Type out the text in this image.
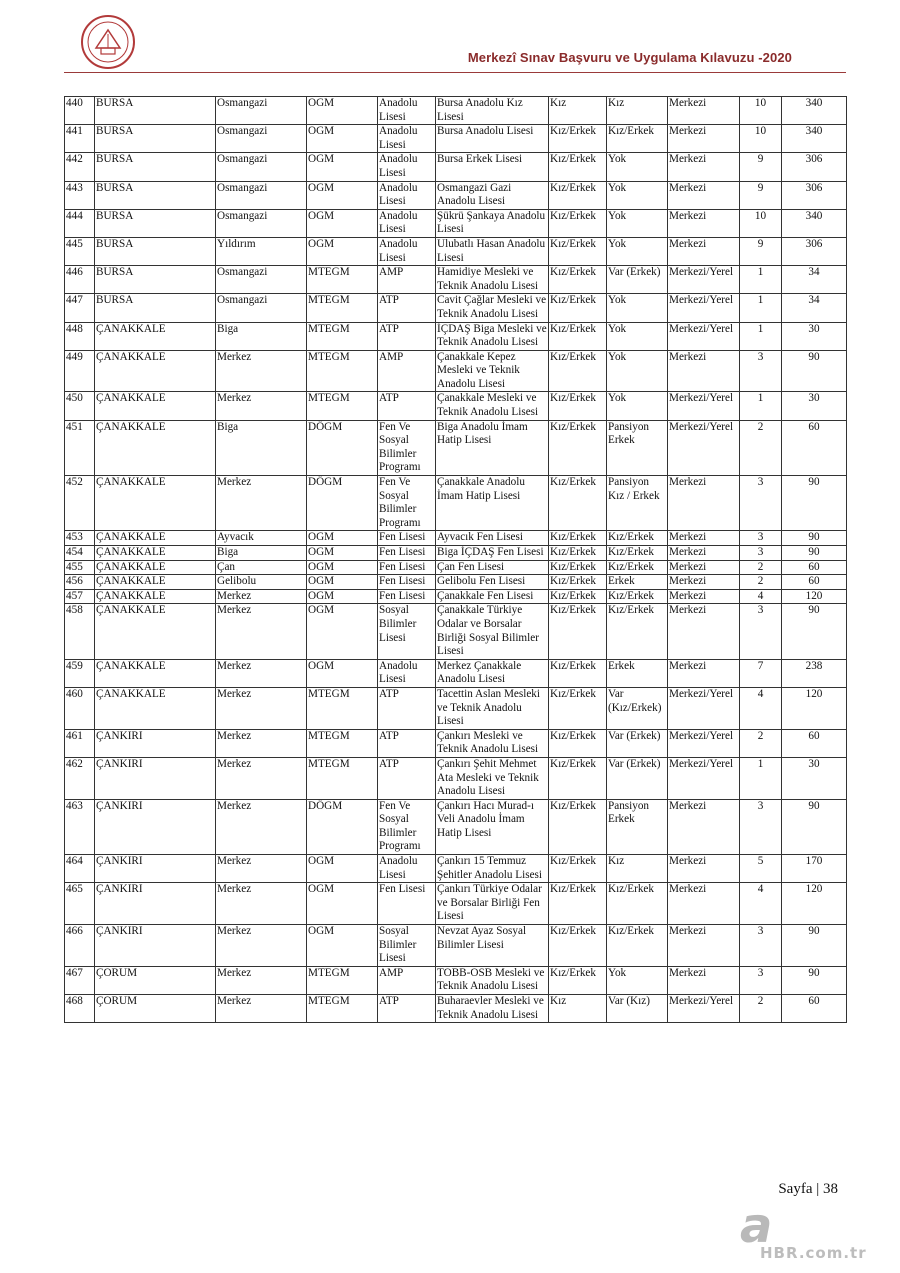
Merkezî Sınav Başvuru ve Uygulama Kılavuzu -2020
440	BURSA	Osmangazi	OGM	Anadolu Lisesi	Bursa Anadolu Kız Lisesi	Kız	Kız	Merkezi	10	340
441	BURSA	Osmangazi	OGM	Anadolu Lisesi	Bursa Anadolu Lisesi	Kız/Erkek	Kız/Erkek	Merkezi	10	340
442	BURSA	Osmangazi	OGM	Anadolu Lisesi	Bursa Erkek Lisesi	Kız/Erkek	Yok	Merkezi	9	306
443	BURSA	Osmangazi	OGM	Anadolu Lisesi	Osmangazi Gazi Anadolu Lisesi	Kız/Erkek	Yok	Merkezi	9	306
444	BURSA	Osmangazi	OGM	Anadolu Lisesi	Şükrü Şankaya Anadolu Lisesi	Kız/Erkek	Yok	Merkezi	10	340
445	BURSA	Yıldırım	OGM	Anadolu Lisesi	Ulubatlı Hasan Anadolu Lisesi	Kız/Erkek	Yok	Merkezi	9	306
446	BURSA	Osmangazi	MTEGM	AMP	Hamidiye Mesleki ve Teknik Anadolu Lisesi	Kız/Erkek	Var (Erkek)	Merkezi/Yerel	1	34
447	BURSA	Osmangazi	MTEGM	ATP	Cavit Çağlar Mesleki ve Teknik Anadolu Lisesi	Kız/Erkek	Yok	Merkezi/Yerel	1	34
448	ÇANAKKALE	Biga	MTEGM	ATP	İÇDAŞ Biga Mesleki ve Teknik Anadolu Lisesi	Kız/Erkek	Yok	Merkezi/Yerel	1	30
449	ÇANAKKALE	Merkez	MTEGM	AMP	Çanakkale Kepez Mesleki ve Teknik Anadolu Lisesi	Kız/Erkek	Yok	Merkezi	3	90
450	ÇANAKKALE	Merkez	MTEGM	ATP	Çanakkale Mesleki ve Teknik Anadolu Lisesi	Kız/Erkek	Yok	Merkezi/Yerel	1	30
451	ÇANAKKALE	Biga	DÖGM	Fen Ve Sosyal Bilimler Programı	Biga Anadolu İmam Hatip Lisesi	Kız/Erkek	Pansiyon Erkek	Merkezi/Yerel	2	60
452	ÇANAKKALE	Merkez	DÖGM	Fen Ve Sosyal Bilimler Programı	Çanakkale Anadolu İmam Hatip Lisesi	Kız/Erkek	Pansiyon Kız / Erkek	Merkezi	3	90
453	ÇANAKKALE	Ayvacık	OGM	Fen Lisesi	Ayvacık Fen Lisesi	Kız/Erkek	Kız/Erkek	Merkezi	3	90
454	ÇANAKKALE	Biga	OGM	Fen Lisesi	Biga İÇDAŞ Fen Lisesi	Kız/Erkek	Kız/Erkek	Merkezi	3	90
455	ÇANAKKALE	Çan	OGM	Fen Lisesi	Çan Fen Lisesi	Kız/Erkek	Kız/Erkek	Merkezi	2	60
456	ÇANAKKALE	Gelibolu	OGM	Fen Lisesi	Gelibolu Fen Lisesi	Kız/Erkek	Erkek	Merkezi	2	60
457	ÇANAKKALE	Merkez	OGM	Fen Lisesi	Çanakkale Fen Lisesi	Kız/Erkek	Kız/Erkek	Merkezi	4	120
458	ÇANAKKALE	Merkez	OGM	Sosyal Bilimler Lisesi	Çanakkale Türkiye Odalar ve Borsalar Birliği Sosyal Bilimler Lisesi	Kız/Erkek	Kız/Erkek	Merkezi	3	90
459	ÇANAKKALE	Merkez	OGM	Anadolu Lisesi	Merkez Çanakkale Anadolu Lisesi	Kız/Erkek	Erkek	Merkezi	7	238
460	ÇANAKKALE	Merkez	MTEGM	ATP	Tacettin Aslan Mesleki ve Teknik Anadolu Lisesi	Kız/Erkek	Var (Kız/Erkek)	Merkezi/Yerel	4	120
461	ÇANKIRI	Merkez	MTEGM	ATP	Çankırı Mesleki ve Teknik Anadolu Lisesi	Kız/Erkek	Var (Erkek)	Merkezi/Yerel	2	60
462	ÇANKIRI	Merkez	MTEGM	ATP	Çankırı Şehit Mehmet Ata Mesleki ve Teknik Anadolu Lisesi	Kız/Erkek	Var (Erkek)	Merkezi/Yerel	1	30
463	ÇANKIRI	Merkez	DÖGM	Fen Ve Sosyal Bilimler Programı	Çankırı Hacı Murad-ı Veli Anadolu İmam Hatip Lisesi	Kız/Erkek	Pansiyon Erkek	Merkezi	3	90
464	ÇANKIRI	Merkez	OGM	Anadolu Lisesi	Çankırı 15 Temmuz Şehitler Anadolu Lisesi	Kız/Erkek	Kız	Merkezi	5	170
465	ÇANKIRI	Merkez	OGM	Fen Lisesi	Çankırı Türkiye Odalar ve Borsalar Birliği Fen Lisesi	Kız/Erkek	Kız/Erkek	Merkezi	4	120
466	ÇANKIRI	Merkez	OGM	Sosyal Bilimler Lisesi	Nevzat Ayaz Sosyal Bilimler Lisesi	Kız/Erkek	Kız/Erkek	Merkezi	3	90
467	ÇORUM	Merkez	MTEGM	AMP	TOBB-OSB Mesleki ve Teknik Anadolu Lisesi	Kız/Erkek	Yok	Merkezi	3	90
468	ÇORUM	Merkez	MTEGM	ATP	Buharaevler Mesleki ve Teknik Anadolu Lisesi	Kız	Var (Kız)	Merkezi/Yerel	2	60
Sayfa | 38
a
HBR.com.tr
